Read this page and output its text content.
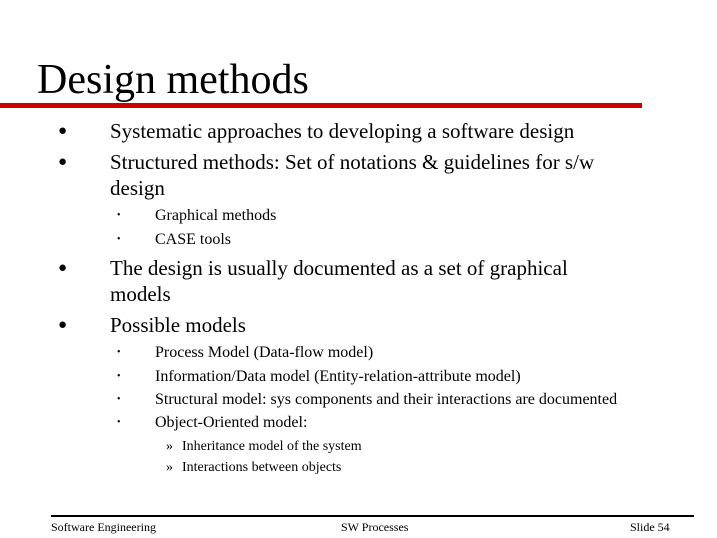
Design methods
● Systematic approaches to developing a software design
● Structured methods: Set of notations & guidelines for s/w
design
• Graphical methods
• CASE tools
● The design is usually documented as a set of graphical
models
● Possible models
• Process Model (Data-flow model)
• Information/Data model (Entity-relation-attribute model)
• Structural model: sys components and their interactions are documented
• Object-Oriented model:
» Inheritance model of the system
» Interactions between objects
Software Engineering	SW Processes	Slide 54
